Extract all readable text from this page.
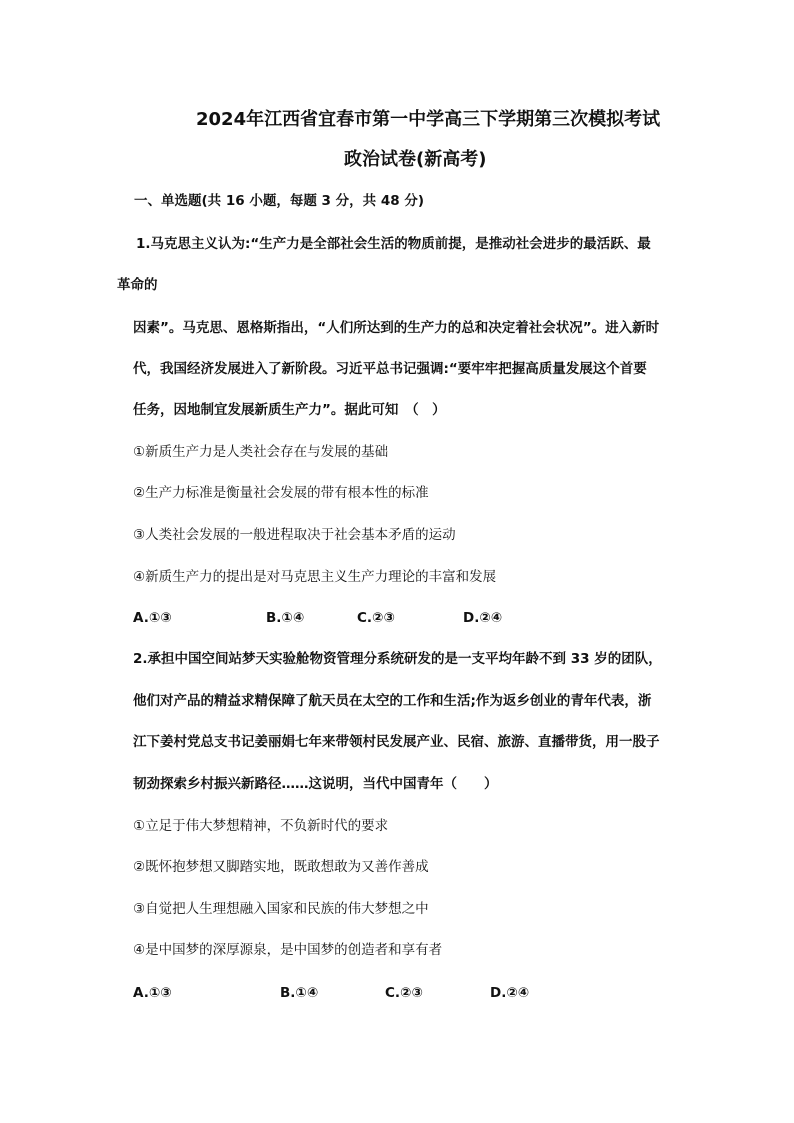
2024年江西省宜春市第一中学高三下学期第三次模拟考试
政治试卷(新高考)
一、单选题(共 16 小题，每题 3 分，共 48 分)
1.马克思主义认为:“生产力是全部社会生活的物质前提，是推动社会进步的最活跃、最
革命的
因素”。马克思、恩格斯指出，“人们所达到的生产力的总和决定着社会状况”。进入新时
代，我国经济发展进入了新阶段。习近平总书记强调:“要牢牢把握高质量发展这个首要
任务，因地制宜发展新质生产力”。据此可知　（　）
①新质生产力是人类社会存在与发展的基础
②生产力标准是衡量社会发展的带有根本性的标准
③人类社会发展的一般进程取决于社会基本矛盾的运动
④新质生产力的提出是对马克思主义生产力理论的丰富和发展
A.①③	B.①④	C.②③	D.②④
2.承担中国空间站梦天实验舱物资管理分系统研发的是一支平均年龄不到 33 岁的团队，
他们对产品的精益求精保障了航天员在太空的工作和生活;作为返乡创业的青年代表，浙
江下姜村党总支书记姜丽娟七年来带领村民发展产业、民宿、旅游、直播带货，用一股子
韧劲探索乡村振兴新路径……这说明，当代中国青年（　　）
①立足于伟大梦想精神，不负新时代的要求
②既怀抱梦想又脚踏实地，既敢想敢为又善作善成
③自觉把人生理想融入国家和民族的伟大梦想之中
④是中国梦的深厚源泉，是中国梦的创造者和享有者
A.①③	B.①④	C.②③	D.②④
